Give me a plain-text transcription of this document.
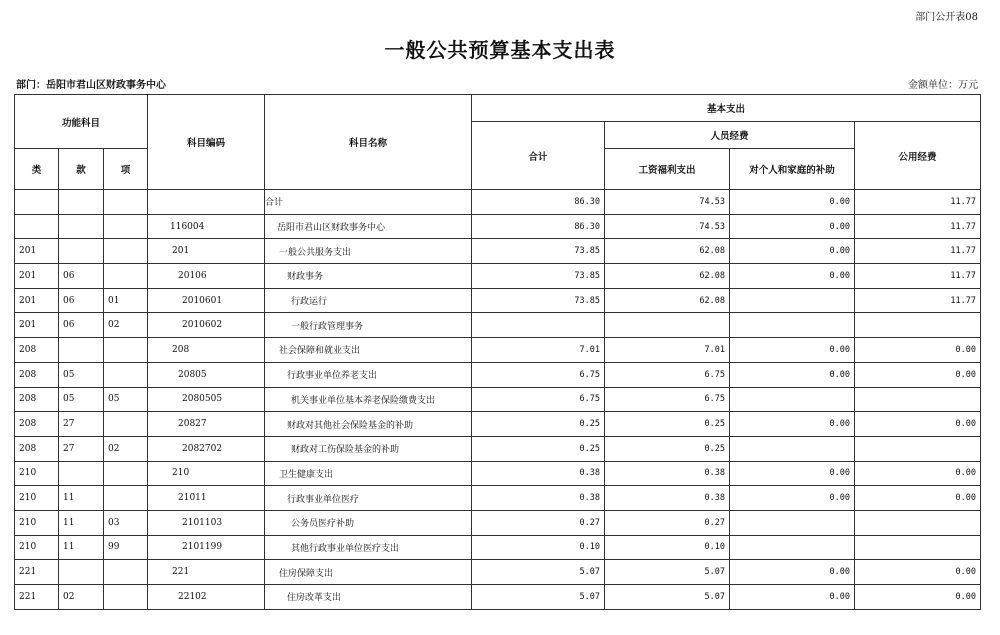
部门公开表08
一般公共预算基本支出表
部门：岳阳市君山区财政事务中心	金额单位：万元
功能科目			科目编码	科目名称	基本支出			
					合计	人员经费		公用经费
类	款	项				工资福利支出	对个人和家庭的补助	
				合计	86.30	74.53	0.00	11.77
			116004	岳阳市君山区财政事务中心	86.30	74.53	0.00	11.77
201			201	一般公共服务支出	73.85	62.08	0.00	11.77
201	06		20106	财政事务	73.85	62.08	0.00	11.77
201	06	01	2010601	行政运行	73.85	62.08		11.77
201	06	02	2010602	一般行政管理事务				
208			208	社会保障和就业支出	7.01	7.01	0.00	0.00
208	05		20805	行政事业单位养老支出	6.75	6.75	0.00	0.00
208	05	05	2080505	机关事业单位基本养老保险缴费支出	6.75	6.75		
208	27		20827	财政对其他社会保险基金的补助	0.25	0.25	0.00	0.00
208	27	02	2082702	财政对工伤保险基金的补助	0.25	0.25		
210			210	卫生健康支出	0.38	0.38	0.00	0.00
210	11		21011	行政事业单位医疗	0.38	0.38	0.00	0.00
210	11	03	2101103	公务员医疗补助	0.27	0.27		
210	11	99	2101199	其他行政事业单位医疗支出	0.10	0.10		
221			221	住房保障支出	5.07	5.07	0.00	0.00
221	02		22102	住房改革支出	5.07	5.07	0.00	0.00
